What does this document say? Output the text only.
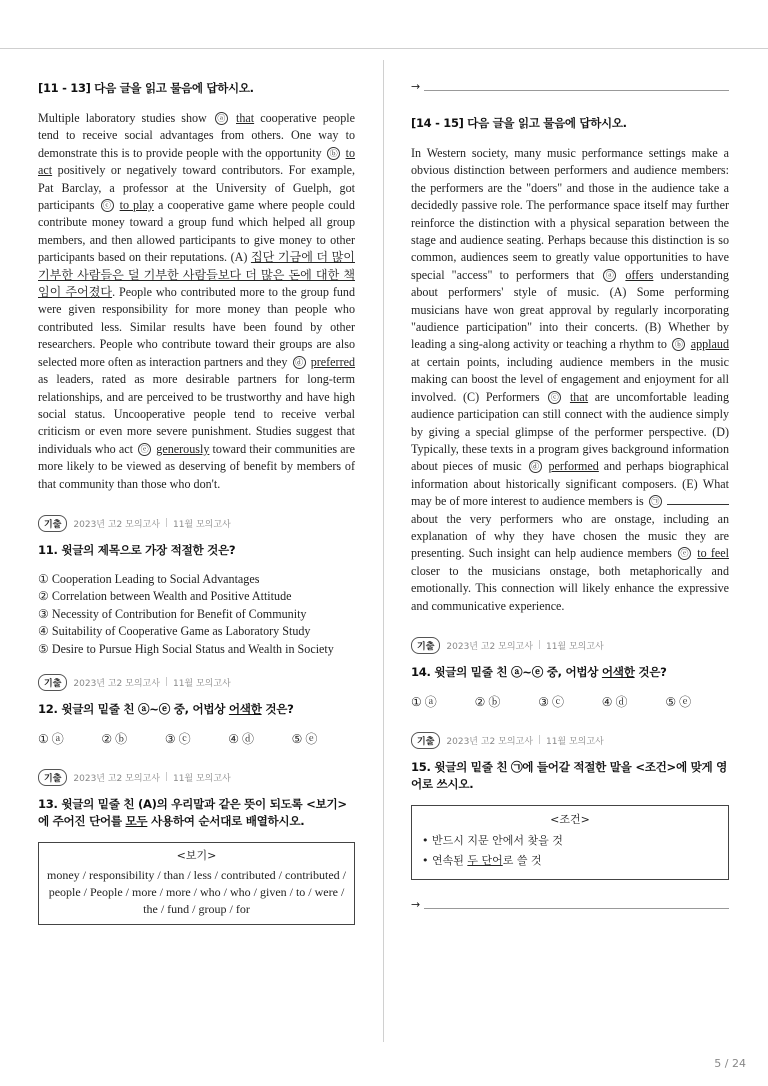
[11 - 13] 다음 글을 읽고 물음에 답하시오.

Multiple laboratory studies show ⓐ that cooperative people tend to receive social advantages from others. One way to demonstrate this is to provide people with the opportunity ⓑ to act positively or negatively toward contributors. For example, Pat Barclay, a professor at the University of Guelph, got participants ⓒ to play a cooperative game where people could contribute money toward a group fund which helped all group members, and then allowed participants to give money to other participants based on their reputations. (A) 집단 기금에 더 많이 기부한 사람들은 덜 기부한 사람들보다 더 많은 돈에 대한 책임이 주어졌다. People who contributed more to the group fund were given responsibility for more money than people who contributed less. Similar results have been found by other researchers. People who contribute toward their groups are also selected more often as interaction partners and they ⓓ preferred as leaders, rated as more desirable partners for long-term relationships, and are perceived to be trustworthy and have high social status. Uncooperative people tend to receive verbal criticism or even more severe punishment. Studies suggest that individuals who act ⓔ generously toward their communities are more likely to be viewed as deserving of benefit by members of that community than those who don't.

기출	2023년 고2 모의고사 | 11월 모의고사

11. 윗글의 제목으로 가장 적절한 것은?

① Cooperation Leading to Social Advantages
② Correlation between Wealth and Positive Attitude
③ Necessity of Contribution for Benefit of Community
④ Suitability of Cooperative Game as Laboratory Study
⑤ Desire to Pursue High Social Status and Wealth in Society
기출	2023년 고2 모의고사 | 11월 모의고사

12. 윗글의 밑줄 친 ⓐ~ⓔ 중, 어법상 어색한 것은?

① ⓐ	② ⓑ	③ ⓒ	④ ⓓ	⑤ ⓔ
기출	2023년 고2 모의고사 | 11월 모의고사

13. 윗글의 밑줄 친 (A)의 우리말과 같은 뜻이 되도록 <보기>에 주어진 단어를 모두 사용하여 순서대로 배열하시오.

<보기>
money / responsibility / than / less / contributed / contributed / people / People / more / more / who / who / given / to / were / the / fund / group / for
→

[14 - 15] 다음 글을 읽고 물음에 답하시오.

In Western society, many music performance settings make a obvious distinction between performers and audience members: the performers are the "doers" and those in the audience take a decidedly passive role. The performance space itself may further reinforce the distinction with a physical separation between the stage and audience seating. Perhaps because this distinction is so common, audiences seem to greatly value opportunities to have special "access" to performers that ⓐ offers understanding about performers' style of music. (A) Some performing musicians have won great approval by regularly incorporating "audience participation" into their concerts. (B) Whether by leading a sing-along activity or teaching a rhythm to ⓑ applaud at certain points, including audience members in the music making can boost the level of engagement and enjoyment for all involved. (C) Performers ⓒ that are uncomfortable leading audience participation can still connect with the audience simply by giving a special glimpse of the performer perspective. (D) Typically, these texts in a program gives background information about pieces of music ⓓ performed and perhaps biographical information about historically significant composers. (E) What may be of more interest to audience members is ㉠  about the very performers who are onstage, including an explanation of why they have chosen the music they are presenting. Such insight can help audience members ⓔ to feel closer to the musicians onstage, both metaphorically and emotionally. This connection will likely enhance the expressive and communicative experience.

기출	2023년 고2 모의고사 | 11월 모의고사

14. 윗글의 밑줄 친 ⓐ~ⓔ 중, 어법상 어색한 것은?

① ⓐ	② ⓑ	③ ⓒ	④ ⓓ	⑤ ⓔ
기출	2023년 고2 모의고사 | 11월 모의고사

15. 윗글의 밑줄 친 ㉠에 들어갈 적절한 말을 <조건>에 맞게 영어로 쓰시오.

<조건>
• 반드시 지문 안에서 찾을 것
• 연속된 두 단어로 쓸 것
→
5 / 24
